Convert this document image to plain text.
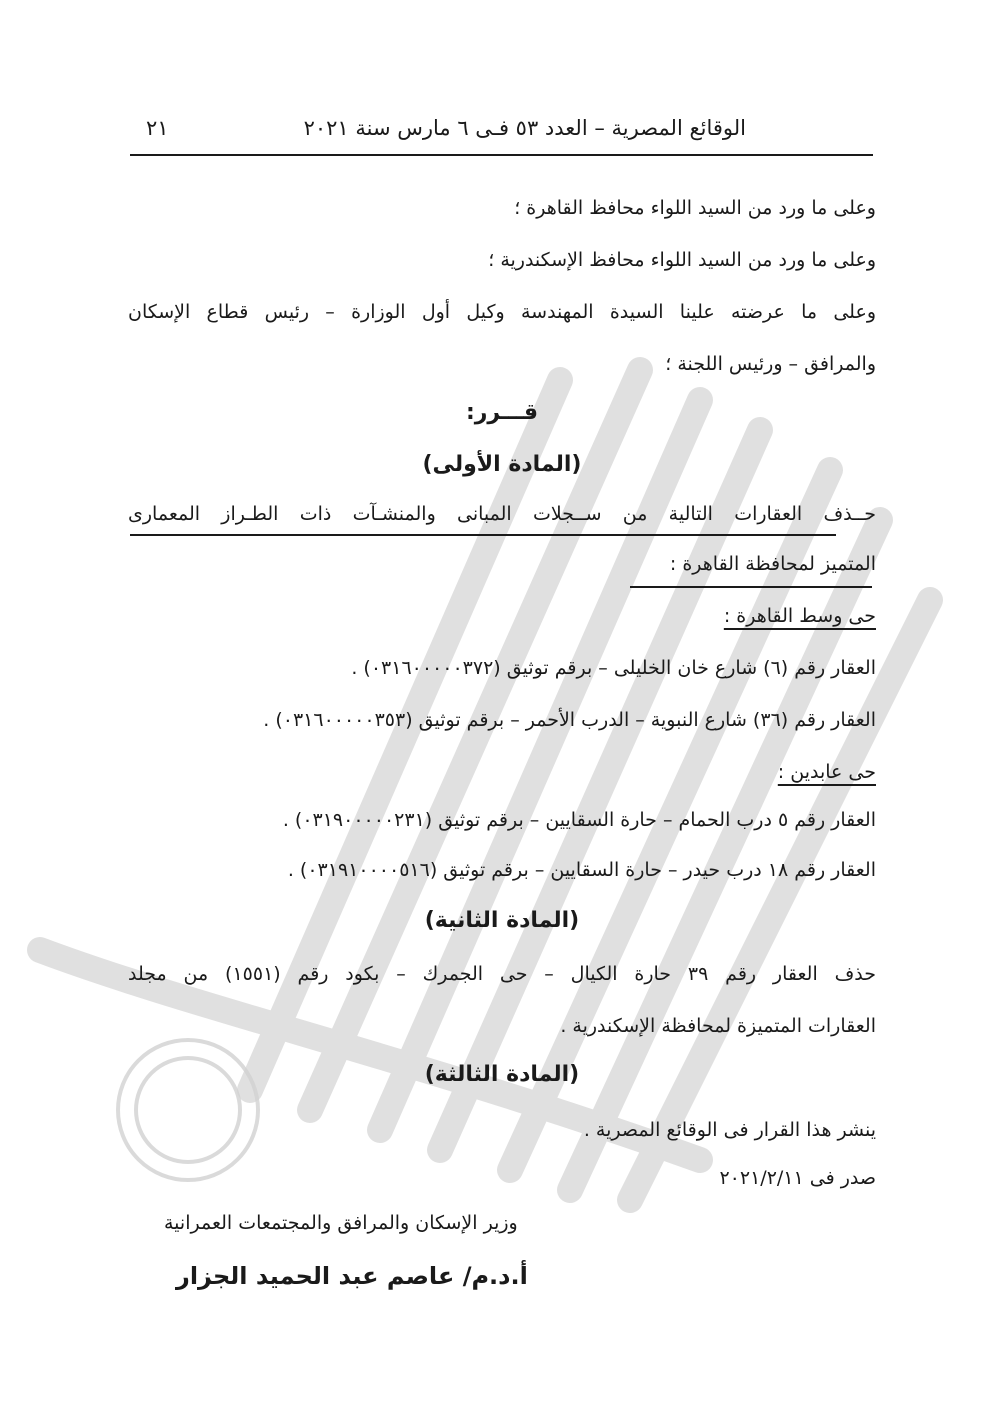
الوقائع المصرية – العدد ٥٣ فـى ٦ مارس سنة ٢٠٢١
٢١
وعلى ما ورد من السيد اللواء محافظ القاهرة ؛
وعلى ما ورد من السيد اللواء محافظ الإسكندرية ؛
وعلى ما عرضته علينا السيدة المهندسة وكيل أول الوزارة – رئيس قطاع الإسكان
والمرافق – ورئيس اللجنة ؛
قـــرر:
(المادة الأولى)
حــذف العقارات التالية من ســجلات المبانى والمنشـآت ذات الطـراز المعمارى
المتميز لمحافظة القاهرة :
حى وسط القاهرة :
العقار رقم (٦) شارع خان الخليلى – برقم توثيق (٠٣١٦٠٠٠٠٠٣٧٢) .
العقار رقم (٣٦) شارع النبوية – الدرب الأحمر – برقم توثيق (٠٣١٦٠٠٠٠٠٣٥٣) .
حى عابدين :
العقار رقم ٥ درب الحمام – حارة السقايين – برقم توثيق (٠٣١٩٠٠٠٠٠٢٣١) .
العقار رقم ١٨ درب حيدر – حارة السقايين – برقم توثيق (٠٣١٩١٠٠٠٠٥١٦) .
(المادة الثانية)
حذف العقار رقم ٣٩ حارة الكيال – حى الجمرك – بكود رقم (١٥٥١) من مجلد
العقارات المتميزة لمحافظة الإسكندرية .
(المادة الثالثة)
ينشر هذا القرار فى الوقائع المصرية .
صدر فى ٢٠٢١/٢/١١
وزير الإسكان والمرافق والمجتمعات العمرانية
أ.د.م/ عاصم عبد الحميد الجزار
